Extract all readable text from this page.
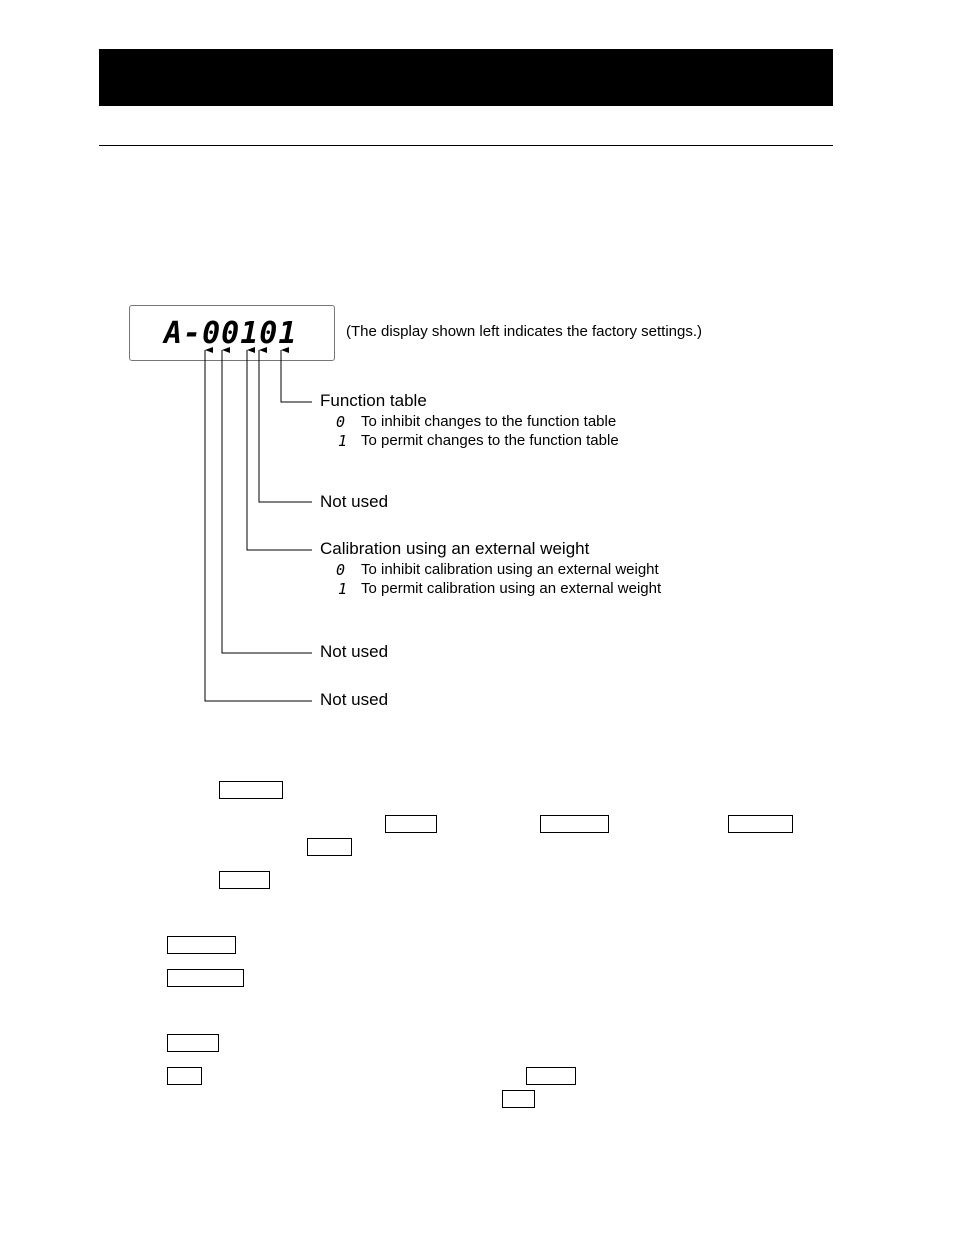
A-00101	(The display shown left indicates the factory settings.)
Function table
0 To inhibit changes to the function table
1 To permit changes to the function table
Not used
Calibration using an external weight
0 To inhibit calibration using an external weight
1 To permit calibration using an external weight
Not used
Not used
